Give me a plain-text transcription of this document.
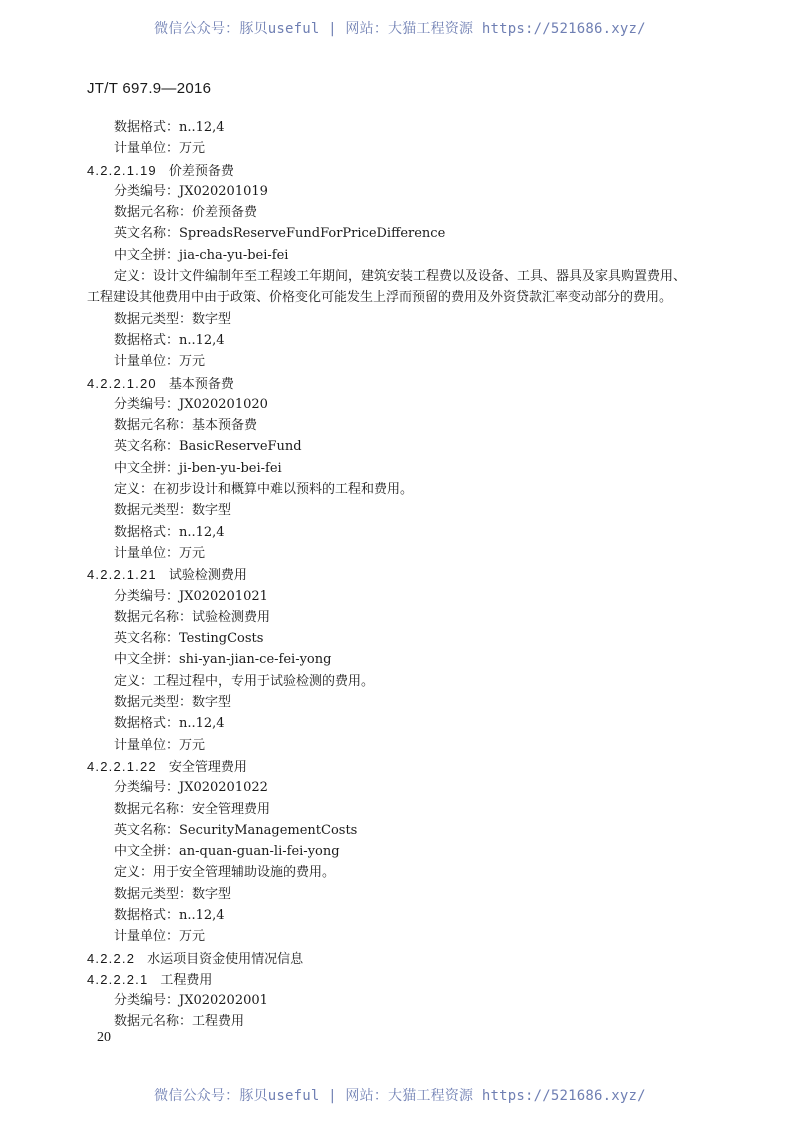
微信公众号：豚贝useful | 网站：大猫工程资源 https://521686.xyz/
JT/T 697.9—2016
数据格式：n..12,4
计量单位：万元
4.2.2.1.19 价差预备费
分类编号：JX020201019
数据元名称：价差预备费
英文名称：SpreadsReserveFundForPriceDifference
中文全拼：jia-cha-yu-bei-fei
定义：设计文件编制年至工程竣工年期间，建筑安装工程费以及设备、工具、器具及家具购置费用、
工程建设其他费用中由于政策、价格变化可能发生上浮而预留的费用及外资贷款汇率变动部分的费用。
数据元类型：数字型
数据格式：n..12,4
计量单位：万元
4.2.2.1.20 基本预备费
分类编号：JX020201020
数据元名称：基本预备费
英文名称：BasicReserveFund
中文全拼：ji-ben-yu-bei-fei
定义：在初步设计和概算中难以预料的工程和费用。
数据元类型：数字型
数据格式：n..12,4
计量单位：万元
4.2.2.1.21 试验检测费用
分类编号：JX020201021
数据元名称：试验检测费用
英文名称：TestingCosts
中文全拼：shi-yan-jian-ce-fei-yong
定义：工程过程中，专用于试验检测的费用。
数据元类型：数字型
数据格式：n..12,4
计量单位：万元
4.2.2.1.22 安全管理费用
分类编号：JX020201022
数据元名称：安全管理费用
英文名称：SecurityManagementCosts
中文全拼：an-quan-guan-li-fei-yong
定义：用于安全管理辅助设施的费用。
数据元类型：数字型
数据格式：n..12,4
计量单位：万元
4.2.2.2 水运项目资金使用情况信息
4.2.2.2.1 工程费用
分类编号：JX020202001
数据元名称：工程费用
20
微信公众号：豚贝useful | 网站：大猫工程资源 https://521686.xyz/
